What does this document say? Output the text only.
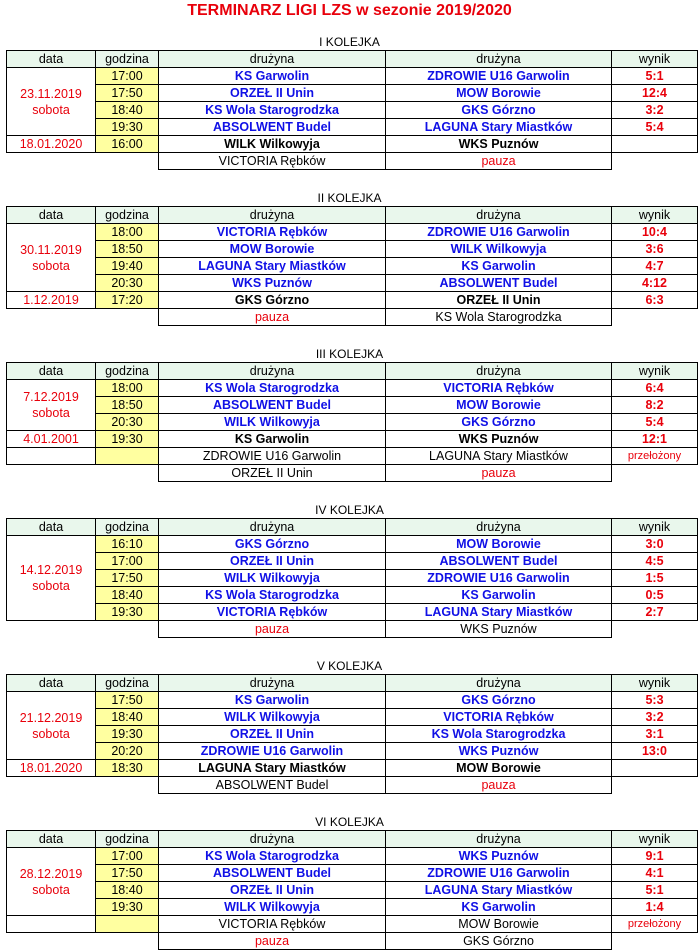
TERMINARZ LIGI LZS w sezonie 2019/2020
I KOLEJKA
data	godzina	drużyna	drużyna	wynik

23.11.2019
sobota	17:00	KS Garwolin	ZDROWIE U16 Garwolin	5:1
	17:50	ORZEŁ II Unin	MOW Borowie	12:4
	18:40	KS Wola Starogrodzka	GKS Górzno	3:2
	19:30	ABSOLWENT Budel	LAGUNA Stary Miastków	5:4
18.01.2020	16:00	WILK Wilkowyja	WKS Puznów	
		VICTORIA Rębków	pauza	
II KOLEJKA
data	godzina	drużyna	drużyna	wynik

30.11.2019
sobota	18:00	VICTORIA Rębków	ZDROWIE U16 Garwolin	10:4
	18:50	MOW Borowie	WILK Wilkowyja	3:6
	19:40	LAGUNA Stary Miastków	KS Garwolin	4:7
	20:30	WKS Puznów	ABSOLWENT Budel	4:12
1.12.2019	17:20	GKS Górzno	ORZEŁ II Unin	6:3
		pauza	KS Wola Starogrodzka	
III KOLEJKA
data	godzina	drużyna	drużyna	wynik

7.12.2019
sobota	18:00	KS Wola Starogrodzka	VICTORIA Rębków	6:4
	18:50	ABSOLWENT Budel	MOW Borowie	8:2
	20:30	WILK Wilkowyja	GKS Górzno	5:4
4.01.2001	19:30	KS Garwolin	WKS Puznów	12:1
		ZDROWIE U16 Garwolin	LAGUNA Stary Miastków	przełożony
		ORZEŁ II Unin	pauza	
IV KOLEJKA
data	godzina	drużyna	drużyna	wynik

14.12.2019
sobota	16:10	GKS Górzno	MOW Borowie	3:0
	17:00	ORZEŁ II Unin	ABSOLWENT Budel	4:5
	17:50	WILK Wilkowyja	ZDROWIE U16 Garwolin	1:5
	18:40	KS Wola Starogrodzka	KS Garwolin	0:5
	19:30	VICTORIA Rębków	LAGUNA Stary Miastków	2:7
		pauza	WKS Puznów	
V KOLEJKA
data	godzina	drużyna	drużyna	wynik

21.12.2019
sobota	17:50	KS Garwolin	GKS Górzno	5:3
	18:40	WILK Wilkowyja	VICTORIA Rębków	3:2
	19:30	ORZEŁ II Unin	KS Wola Starogrodzka	3:1
	20:20	ZDROWIE U16 Garwolin	WKS Puznów	13:0
18.01.2020	18:30	LAGUNA Stary Miastków	MOW Borowie	
		ABSOLWENT Budel	pauza	
VI KOLEJKA
data	godzina	drużyna	drużyna	wynik

28.12.2019
sobota	17:00	KS Wola Starogrodzka	WKS Puznów	9:1
	17:50	ABSOLWENT Budel	ZDROWIE U16 Garwolin	4:1
	18:40	ORZEŁ II Unin	LAGUNA Stary Miastków	5:1
	19:30	WILK Wilkowyja	KS Garwolin	1:4
		VICTORIA Rębków	MOW Borowie	przełożony
		pauza	GKS Górzno	
